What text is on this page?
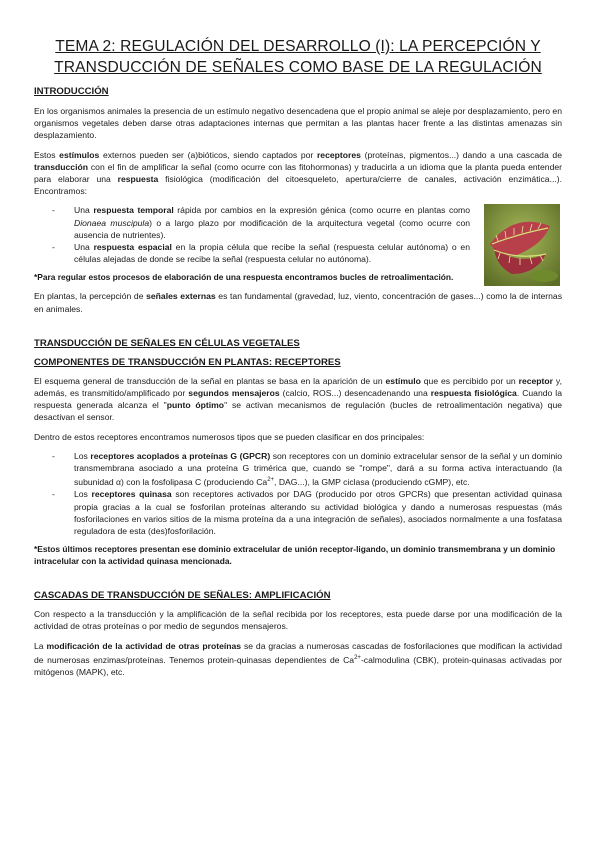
TEMA 2: REGULACIÓN DEL DESARROLLO (I): LA PERCEPCIÓN Y TRANSDUCCIÓN DE SEÑALES COMO BASE DE LA REGULACIÓN
INTRODUCCIÓN

En los organismos animales la presencia de un estímulo negativo desencadena que el propio animal se aleje por desplazamiento, pero en organismos vegetales deben darse otras adaptaciones internas que permitan a las plantas hacer frente a las distintas amenazas sin desplazamiento.

Estos estímulos externos pueden ser (a)bióticos, siendo captados por receptores (proteínas, pigmentos...) dando a una cascada de transducción con el fin de amplificar la señal (como ocurre con las fitohormonas) y traducirla a un idioma que la planta pueda entender para elaborar una respuesta fisiológica (modificación del citoesqueleto, apertura/cierre de canales, activación enzimática...). Encontramos:

- Una respuesta temporal rápida por cambios en la expresión génica (como ocurre en plantas como Dionaea muscipula) o a largo plazo por modificación de la arquitectura vegetal (como ocurre con ausencia de nutrientes).
- Una respuesta espacial en la propia célula que recibe la señal (respuesta celular autónoma) o en células alejadas de donde se recibe la señal (respuesta celular no autónoma).

*Para regular estos procesos de elaboración de una respuesta encontramos bucles de retroalimentación.

En plantas, la percepción de señales externas es tan fundamental (gravedad, luz, viento, concentración de gases...) como la de internas en animales.

TRANSDUCCIÓN DE SEÑALES EN CÉLULAS VEGETALES
COMPONENTES DE TRANSDUCCIÓN EN PLANTAS: RECEPTORES

El esquema general de transducción de la señal en plantas se basa en la aparición de un estímulo que es percibido por un receptor y, además, es transmitido/amplificado por segundos mensajeros (calcio, ROS...) desencadenando una respuesta fisiológica. Cuando la respuesta generada alcanza el "punto óptimo" se activan mecanismos de regulación (bucles de retroalimentación negativa) que desactivan el sensor.

Dentro de estos receptores encontramos numerosos tipos que se pueden clasificar en dos principales:

- Los receptores acoplados a proteínas G (GPCR) son receptores con un dominio extracelular sensor de la señal y un dominio transmembrana asociado a una proteína G trimérica que, cuando se "rompe", dará a su forma activa interactuando (la subunidad α) con la fosfolipasa C (produciendo $Ca^{2+}$, DAG...), la GMP ciclasa (produciendo cGMP), etc.
- Los receptores quinasa son receptores activados por DAG (producido por otros GPCRs) que presentan actividad quinasa propia gracias a la cual se fosforilan proteínas alterando su actividad biológica y dando a numerosas respuestas (más fosforilaciones en varios sitios de la misma proteína da a una integración de señales), asociados normalmente a una fosfatasa reguladora de esta (des)fosforilación.

*Estos últimos receptores presentan ese dominio extracelular de unión receptor-ligando, un dominio transmembrana y un dominio intracelular con la actividad quinasa mencionada.

CASCADAS DE TRANSDUCCIÓN DE SEÑALES: AMPLIFICACIÓN

Con respecto a la transducción y la amplificación de la señal recibida por los receptores, esta puede darse por una modificación de la actividad de otras proteínas o por medio de segundos mensajeros.

La modificación de la actividad de otras proteínas se da gracias a numerosas cascadas de fosforilaciones que modifican la actividad de numerosas enzimas/proteínas. Tenemos protein-quinasas dependientes de $Ca^{2+}$-calmodulina (CBK), protein-quinasas activadas por mitógenos (MAPK), etc.
